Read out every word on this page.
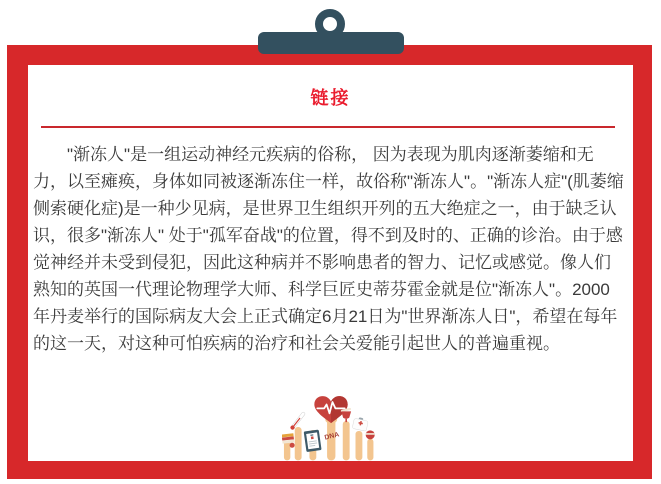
链接

"渐冻人"是一组运动神经元疾病的俗称， 因为表现为肌肉逐渐萎缩和无力，以至瘫痪，身体如同被逐渐冻住一样，故俗称"渐冻人"。"渐冻人症"(肌萎缩侧索硬化症)是一种少见病，是世界卫生组织开列的五大绝症之一，由于缺乏认识，很多"渐冻人" 处于"孤军奋战"的位置，得不到及时的、正确的诊治。由于感觉神经并未受到侵犯，因此这种病并不影响患者的智力、记忆或感觉。像人们熟知的英国一代理论物理学大师、科学巨匠史蒂芬霍金就是位"渐冻人"。2000年丹麦举行的国际病友大会上正式确定6月21日为"世界渐冻人日"，希望在每年的这一天，对这种可怕疾病的治疗和社会关爱能引起世人的普遍重视。

DNA
